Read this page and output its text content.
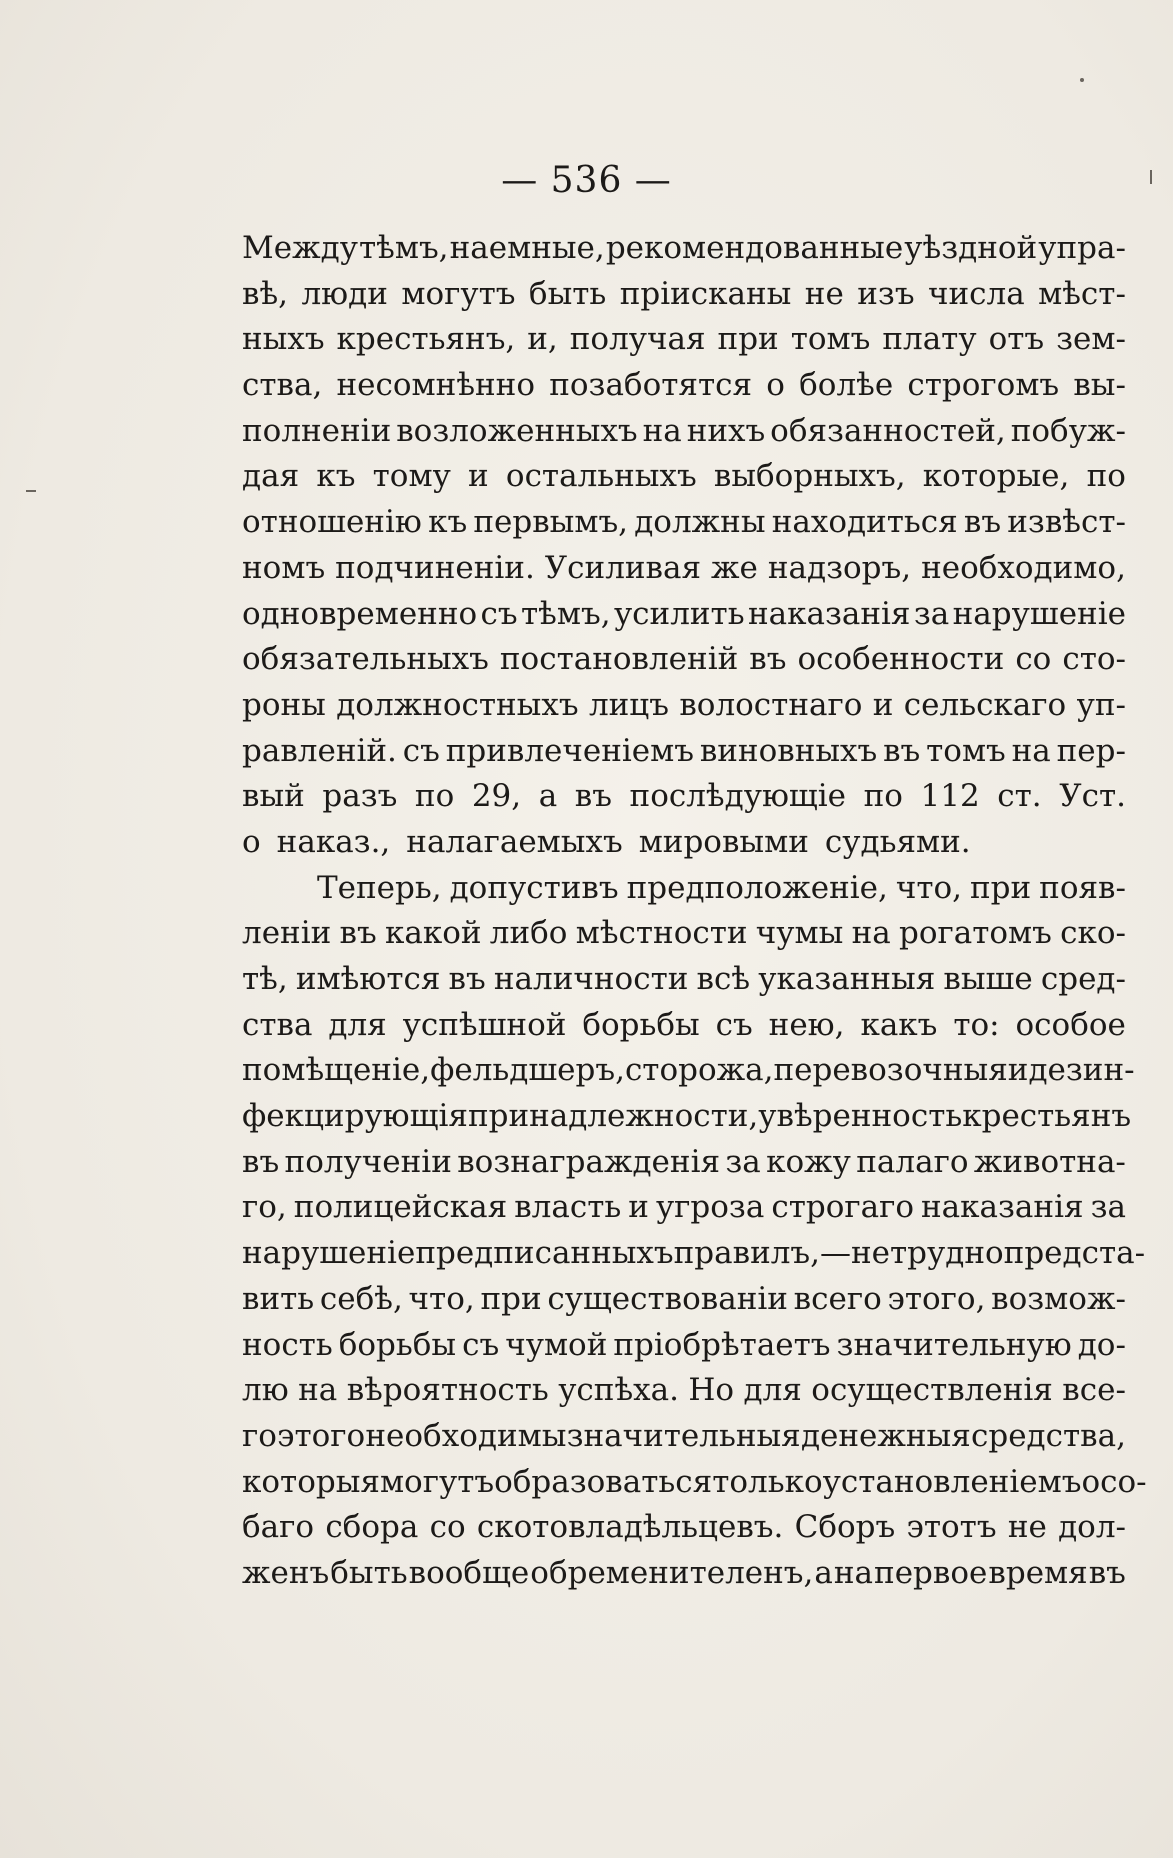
— 536 —
Между тѣмъ, наемные, рекомендованные уѣздной упра-
вѣ, люди могутъ быть пріисканы не изъ числа мѣст-
ныхъ крестьянъ, и, получая при томъ плату отъ зем-
ства, несомнѣнно позаботятся о болѣе строгомъ вы-
полненіи возложенныхъ на нихъ обязанностей, побуж-
дая къ тому и остальныхъ выборныхъ, которые, по
отношенію къ первымъ, должны находиться въ извѣст-
номъ подчиненіи. Усиливая же надзоръ, необходимо,
одновременно съ тѣмъ, усилить наказанія за нарушеніе
обязательныхъ постановленій въ особенности со сто-
роны должностныхъ лицъ волостнаго и сельскаго уп-
равленій. съ привлеченіемъ виновныхъ въ томъ на пер-
вый разъ по 29, а въ послѣдующіе по 112 ст. Уст.
о наказ., налагаемыхъ мировыми судьями.
Теперь, допустивъ предположеніе, что, при появ-
леніи въ какой либо мѣстности чумы на рогатомъ ско-
тѣ, имѣются въ наличности всѣ указанныя выше сред-
ства для успѣшной борьбы съ нею, какъ то: особое
помѣщеніе, фельдшеръ, сторожа, перевозочныя и дезин-
фекцирующія принадлежности, увѣренность крестьянъ
въ полученіи вознагражденія за кожу палаго животна-
го, полицейская власть и угроза строгаго наказанія за
нарушеніе предписанныхъ правилъ,—нетрудно предста-
вить себѣ, что, при существованіи всего этого, возмож-
ность борьбы съ чумой пріобрѣтаетъ значительную до-
лю на вѣроятность успѣха. Но для осуществленія все-
го этого необходимы значительныя денежныя средства,
которыя могутъ образоваться только установленіемъ осо-
баго сбора со скотовладѣльцевъ. Сборъ этотъ не дол-
женъ быть вообще обременителенъ, а на первое время въ
